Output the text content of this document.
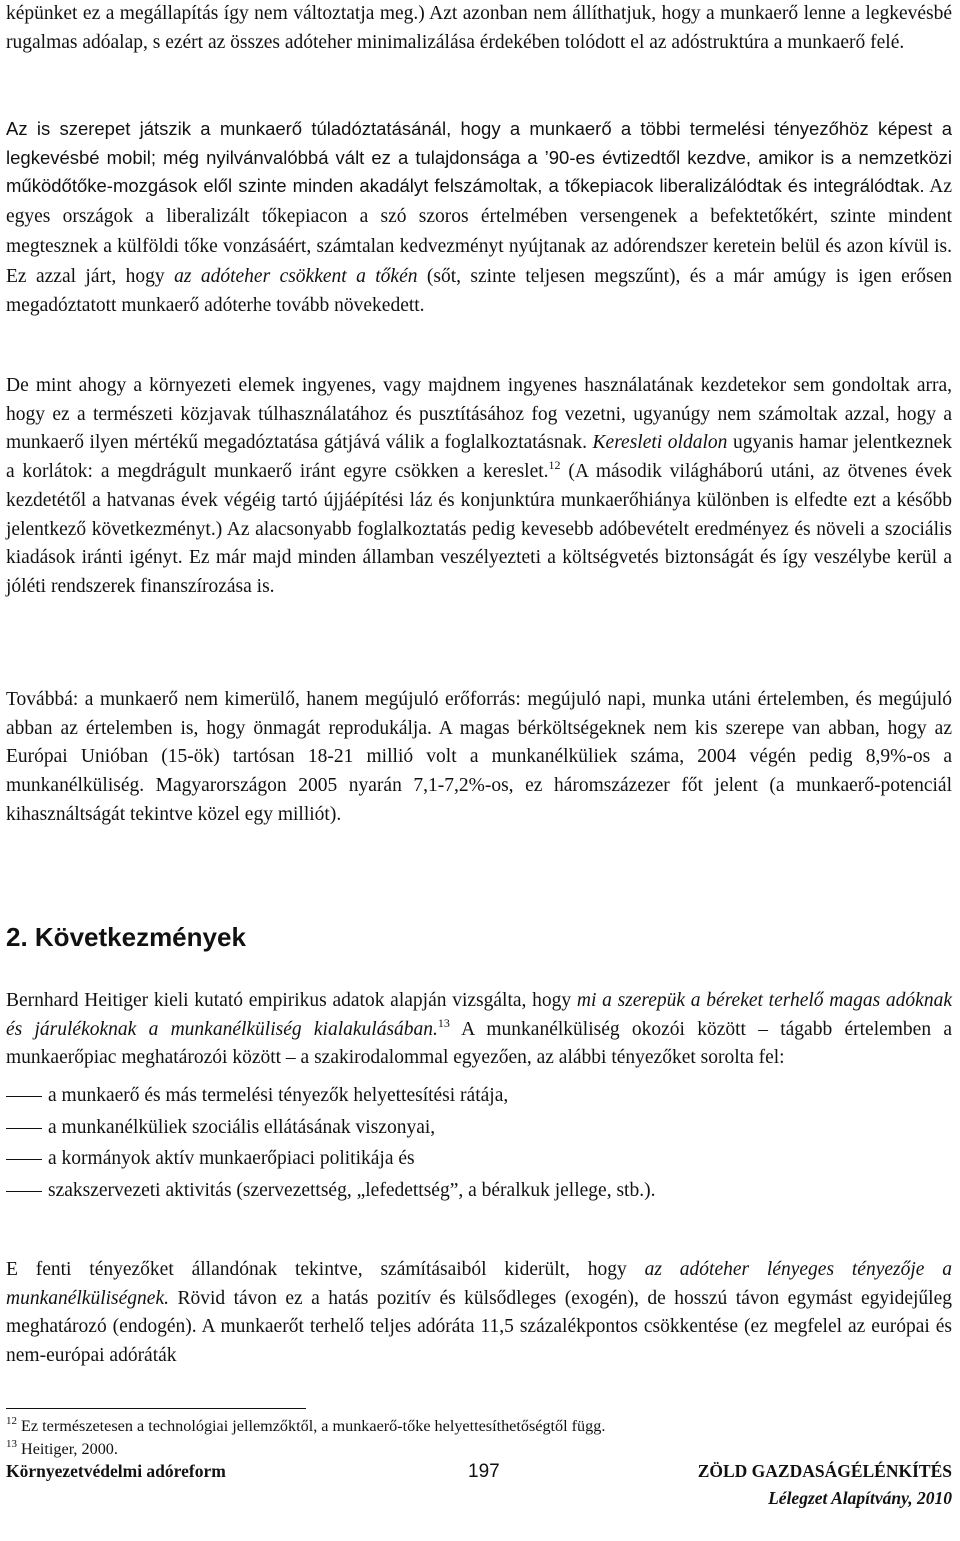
képünket ez a megállapítás így nem változtatja meg.) Azt azonban nem állíthatjuk, hogy a munkaerő lenne a legkevésbé rugalmas adóalap, s ezért az összes adóteher minimalizálása érdekében tolódott el az adóstruktúra a munkaerő felé.

Az is szerepet játszik a munkaerő túladóztatásánál, hogy a munkaerő a többi termelési tényezőhöz képest a legkevésbé mobil; még nyilvánvalóbbá vált ez a tulajdonsága a ’90-es évtizedtől kezdve, amikor is a nemzetközi működőtőke-mozgások elől szinte minden akadályt felszámoltak, a tőkepiacok liberalizálódtak és integrálódtak. Az egyes országok a liberalizált tőkepiacon a szó szoros értelmében versengenek a befektetőkért, szinte mindent megtesznek a külföldi tőke vonzásáért, számtalan kedvezményt nyújtanak az adórendszer keretein belül és azon kívül is. Ez azzal járt, hogy az adóteher csökkent a tőkén (sőt, szinte teljesen megszűnt), és a már amúgy is igen erősen megadóztatott munkaerő adóterhe tovább növekedett.

De mint ahogy a környezeti elemek ingyenes, vagy majdnem ingyenes használatának kezdetekor sem gondoltak arra, hogy ez a természeti közjavak túlhasználatához és pusztításához fog vezetni, ugyanúgy nem számoltak azzal, hogy a munkaerő ilyen mértékű megadóztatása gátjává válik a foglalkoztatásnak. Keresleti oldalon ugyanis hamar jelentkeznek a korlátok: a megdrágult munkaerő iránt egyre csökken a kereslet.$^{12}$ (A második világháború utáni, az ötvenes évek kezdetétől a hatvanas évek végéig tartó újjáépítési láz és konjunktúra munkaerőhiánya különben is elfedte ezt a később jelentkező következményt.) Az alacsonyabb foglalkoztatás pedig kevesebb adóbevételt eredményez és növeli a szociális kiadások iránti igényt. Ez már majd minden államban veszélyezteti a költségvetés biztonságát és így veszélybe kerül a jóléti rendszerek finanszírozása is.

Továbbá: a munkaerő nem kimerülő, hanem megújuló erőforrás: megújuló napi, munka utáni értelemben, és megújuló abban az értelemben is, hogy önmagát reprodukálja. A magas bérköltségeknek nem kis szerepe van abban, hogy az Európai Unióban (15-ök) tartósan 18-21 millió volt a munkanélküliek száma, 2004 végén pedig 8,9%-os a munkanélküliség. Magyarországon 2005 nyarán 7,1-7,2%-os, ez háromszázezer főt jelent (a munkaerő-potenciál kihasználtságát tekintve közel egy milliót).

2. Következmények

Bernhard Heitiger kieli kutató empirikus adatok alapján vizsgálta, hogy mi a szerepük a béreket terhelő magas adóknak és járulékoknak a munkanélküliség kialakulásában.$^{13}$ A munkanélküliség okozói között – tágabb értelemben a munkaerőpiac meghatározói között – a szakirodalommal egyezően, az alábbi tényezőket sorolta fel:

a munkaerő és más termelési tényezők helyettesítési rátája,
a munkanélküliek szociális ellátásának viszonyai,
a kormányok aktív munkaerőpiaci politikája és
szakszervezeti aktivitás (szervezettség, „lefedettség”, a béralkuk jellege, stb.).

E fenti tényezőket állandónak tekintve, számításaiból kiderült, hogy az adóteher lényeges tényezője a munkanélküliségnek. Rövid távon ez a hatás pozitív és külsődleges (exogén), de hosszú távon egymást egyidejűleg meghatározó (endogén). A munkaerőt terhelő teljes adóráta 11,5 százalékpontos csökkentése (ez megfelel az európai és nem-európai adóráták

$^{12}$ Ez természetesen a technológiai jellemzőktől, a munkaerő-tőke helyettesíthetőségtől függ.

$^{13}$ Heitiger, 2000.

Környezetvédelmi adóreform	197	ZÖLD GAZDASÁGÉLÉNKÍTÉS
Lélegzet Alapítvány, 2010
